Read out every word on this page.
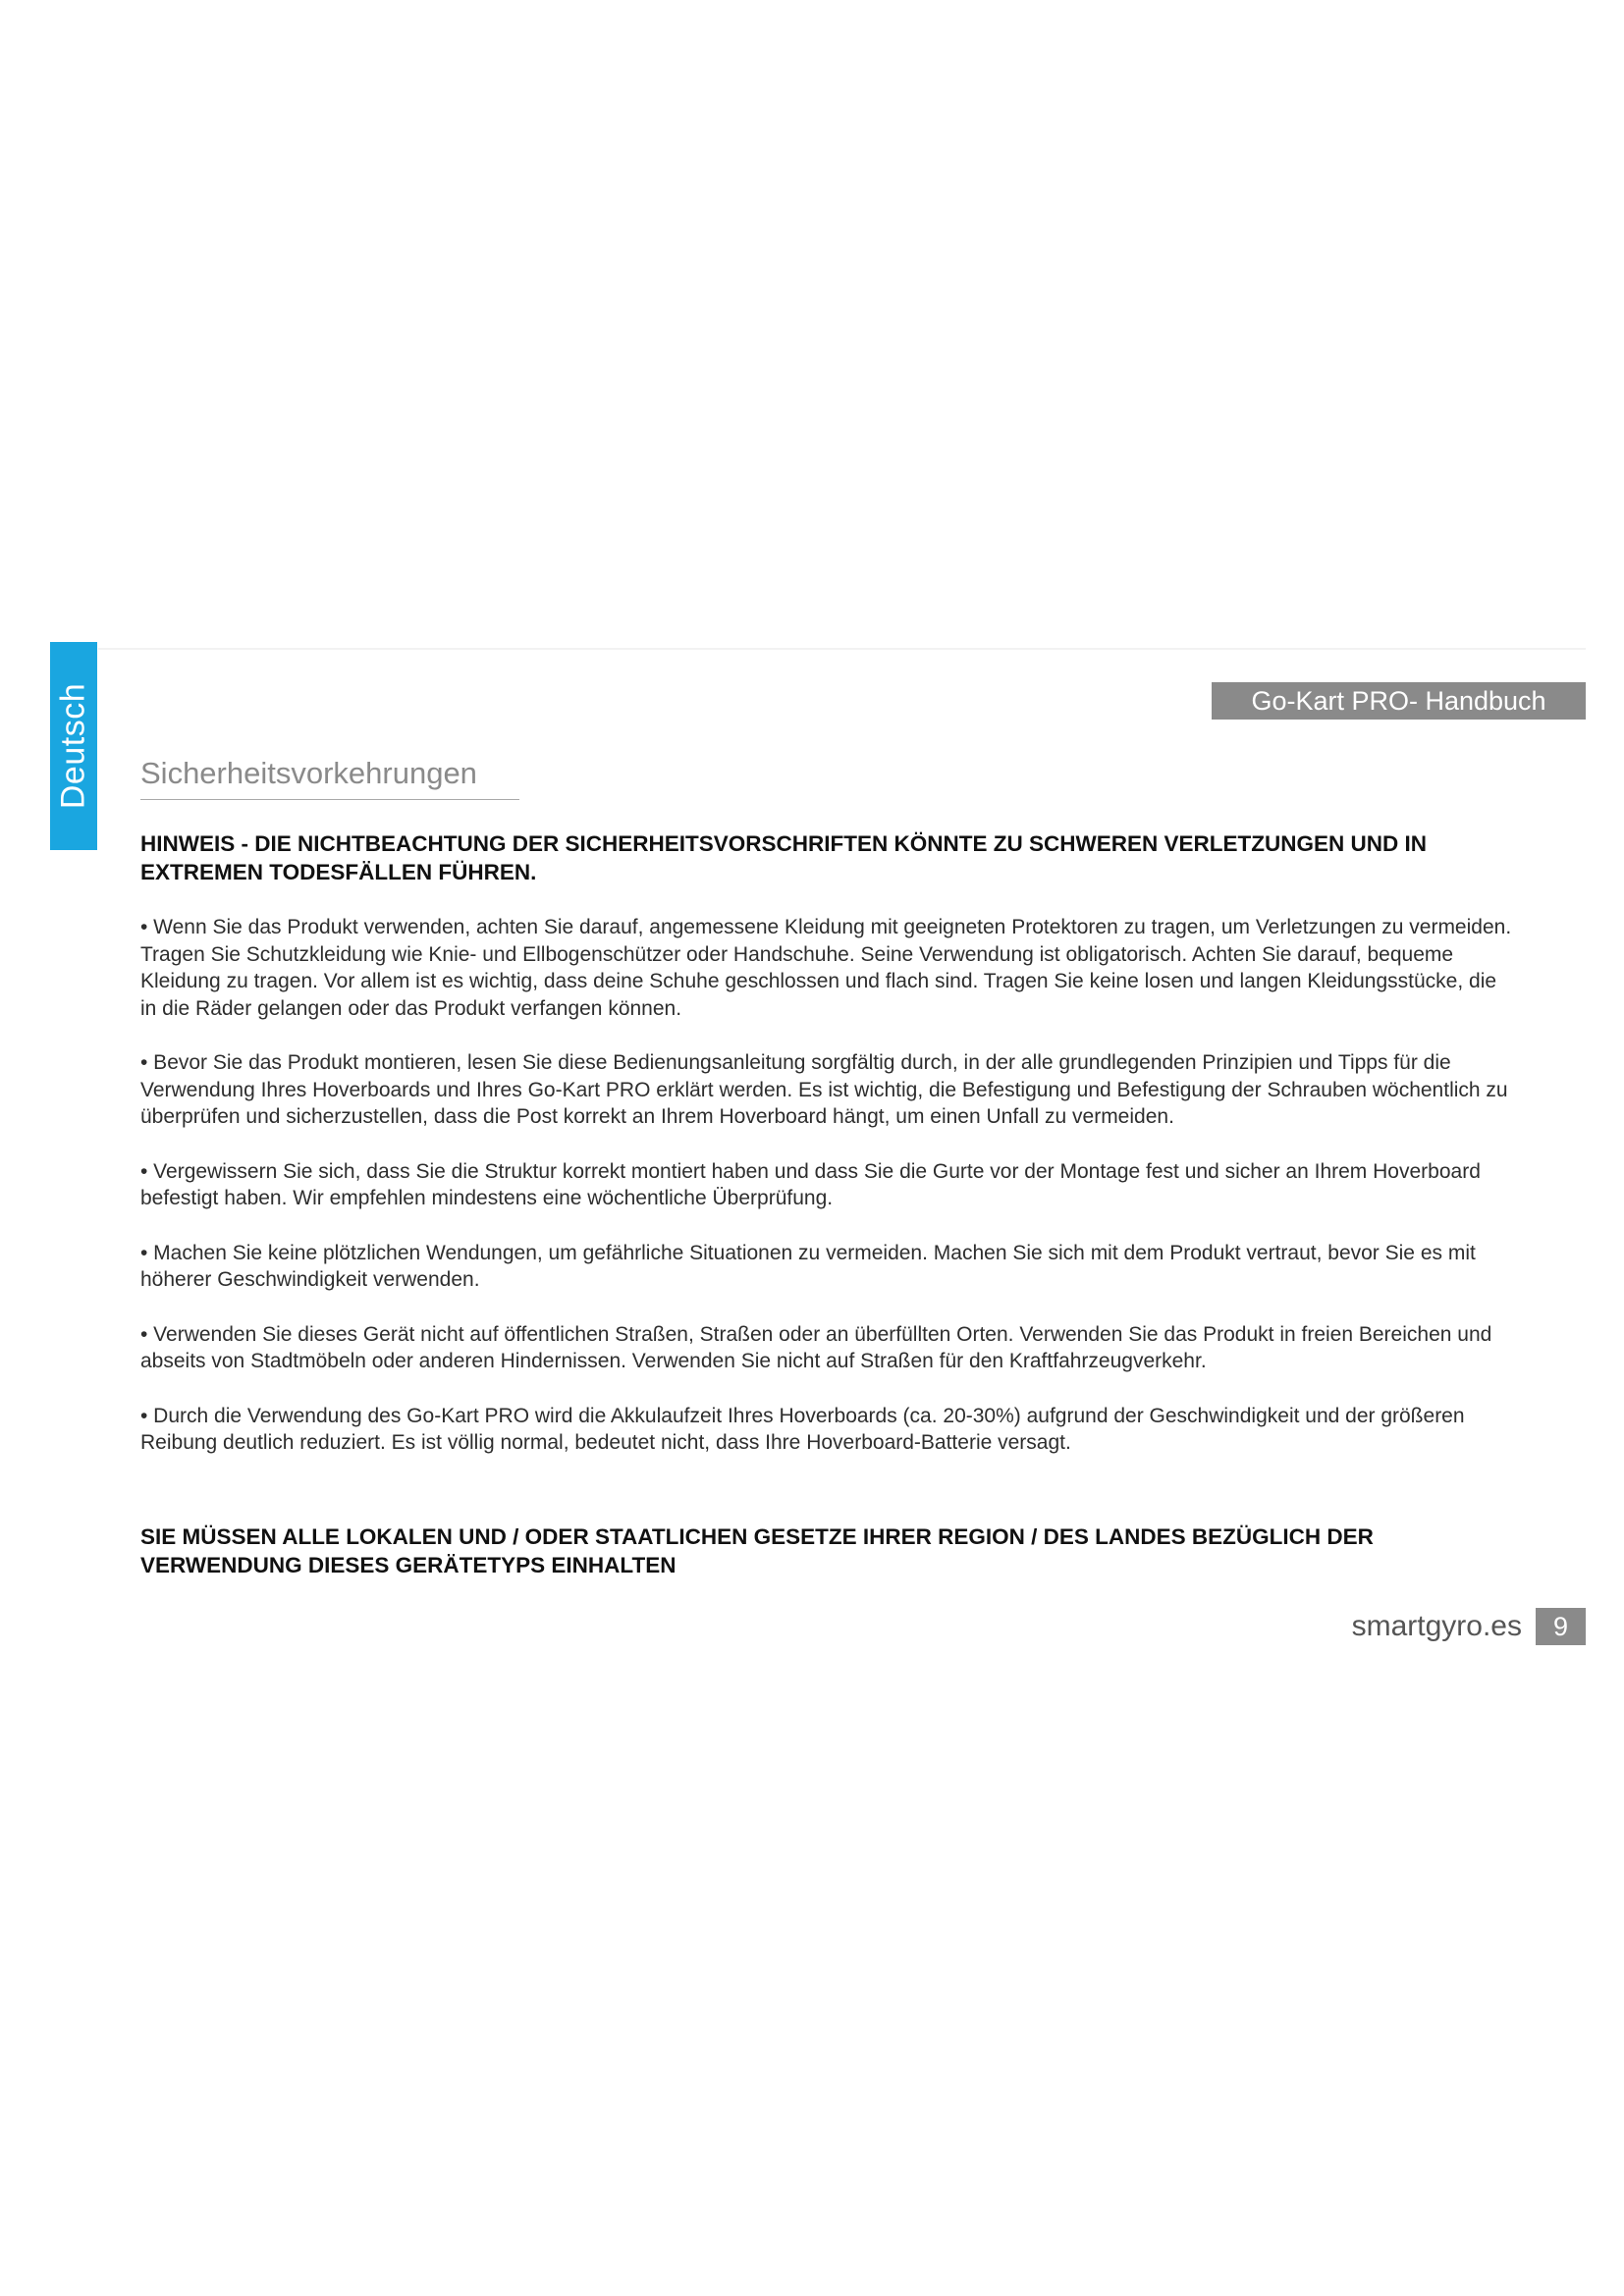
Deutsch	Go-Kart PRO- Handbuch
Sicherheitsvorkehrungen

HINWEIS - DIE NICHTBEACHTUNG DER SICHERHEITSVORSCHRIFTEN KÖNNTE ZU SCHWEREN VERLETZUNGEN UND IN EXTREMEN TODESFÄLLEN FÜHREN.

• Wenn Sie das Produkt verwenden, achten Sie darauf, angemessene Kleidung mit geeigneten Protektoren zu tragen, um Verletzungen zu vermeiden. Tragen Sie Schutzkleidung wie Knie- und Ellbogenschützer oder Handschuhe. Seine Verwendung ist obligatorisch. Achten Sie darauf, bequeme Kleidung zu tragen. Vor allem ist es wichtig, dass deine Schuhe geschlossen und flach sind. Tragen Sie keine losen und langen Kleidungsstücke, die in die Räder gelangen oder das Produkt verfangen können.

• Bevor Sie das Produkt montieren, lesen Sie diese Bedienungsanleitung sorgfältig durch, in der alle grundlegenden Prinzipien und Tipps für die Verwendung Ihres Hoverboards und Ihres Go-Kart PRO erklärt werden. Es ist wichtig, die Befestigung und Befestigung der Schrauben wöchentlich zu überprüfen und sicherzustellen, dass die Post korrekt an Ihrem Hoverboard hängt, um einen Unfall zu vermeiden.

• Vergewissern Sie sich, dass Sie die Struktur korrekt montiert haben und dass Sie die Gurte vor der Montage fest und sicher an Ihrem Hoverboard befestigt haben. Wir empfehlen mindestens eine wöchentliche Überprüfung.

• Machen Sie keine plötzlichen Wendungen, um gefährliche Situationen zu vermeiden. Machen Sie sich mit dem Produkt vertraut, bevor Sie es mit höherer Geschwindigkeit verwenden.

• Verwenden Sie dieses Gerät nicht auf öffentlichen Straßen, Straßen oder an überfüllten Orten. Verwenden Sie das Produkt in freien Bereichen und abseits von Stadtmöbeln oder anderen Hindernissen. Verwenden Sie nicht auf Straßen für den Kraftfahrzeugverkehr.

• Durch die Verwendung des Go-Kart PRO wird die Akkulaufzeit Ihres Hoverboards (ca. 20-30%) aufgrund der Geschwindigkeit und der größeren Reibung deutlich reduziert. Es ist völlig normal, bedeutet nicht, dass Ihre Hoverboard-Batterie versagt.

SIE MÜSSEN ALLE LOKALEN UND / ODER STAATLICHEN GESETZE IHRER REGION / DES LANDES BEZÜGLICH DER VERWENDUNG DIESES GERÄTETYPS EINHALTEN

smartgyro.es	9
